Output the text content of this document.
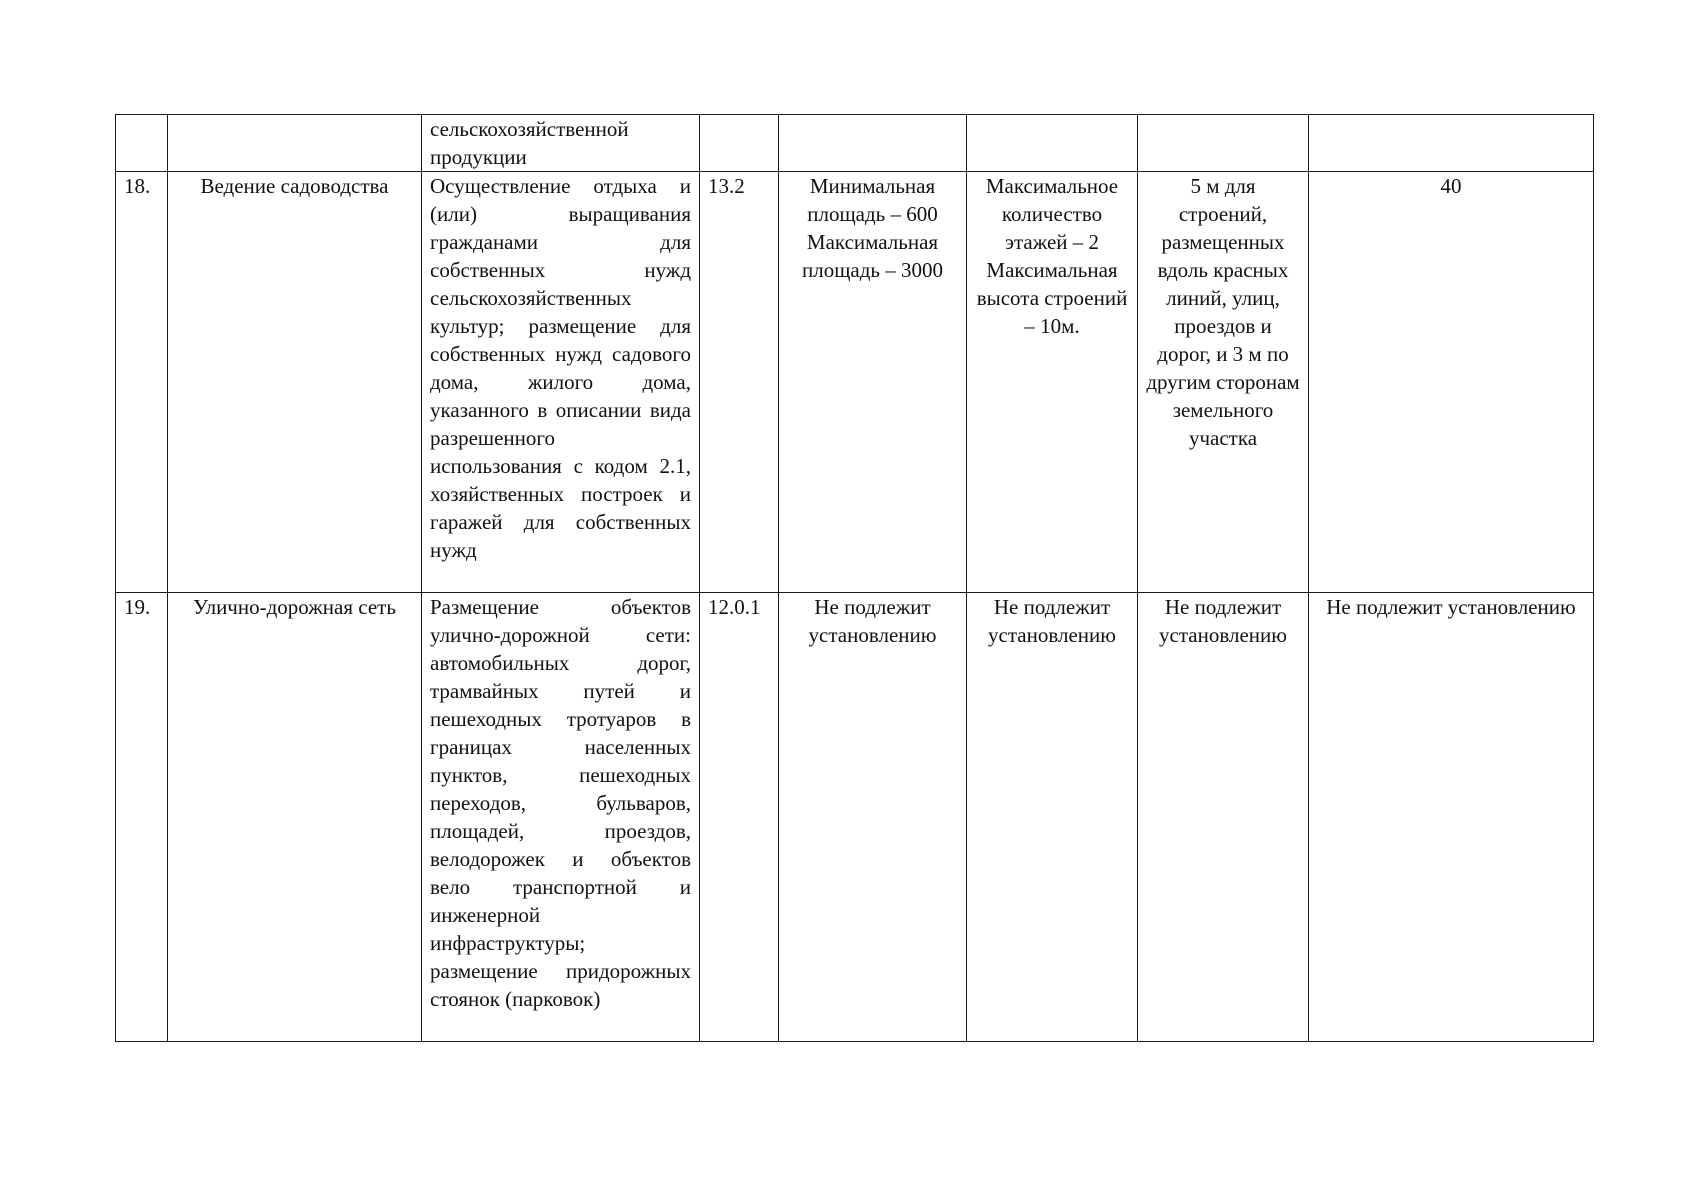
		сельскохозяйственной продукции					
18.	Ведение садоводства	Осуществление отдыха и (или) выращивания гражданами для собственных нужд сельскохозяйственных культур; размещение для собственных нужд садового дома, жилого дома, указанного в описании вида разрешенного использования с кодом 2.1, хозяйственных построек и гаражей для собственных нужд	13.2	Минимальная площадь – 600 Максимальная площадь – 3000	Максимальное количество этажей – 2 Максимальная высота строений – 10м.	5 м для строений, размещенных вдоль красных линий, улиц, проездов и дорог, и 3 м по другим сторонам земельного участка	40
19.	Улично-дорожная сеть	Размещение объектов улично-дорожной сети: автомобильных дорог, трамвайных путей и пешеходных тротуаров в границах населенных пунктов, пешеходных переходов, бульваров, площадей, проездов, велодорожек и объектов вело транспортной и инженерной инфраструктуры; размещение придорожных стоянок (парковок)	12.0.1	Не подлежит установлению	Не подлежит установлению	Не подлежит установлению	Не подлежит установлению
